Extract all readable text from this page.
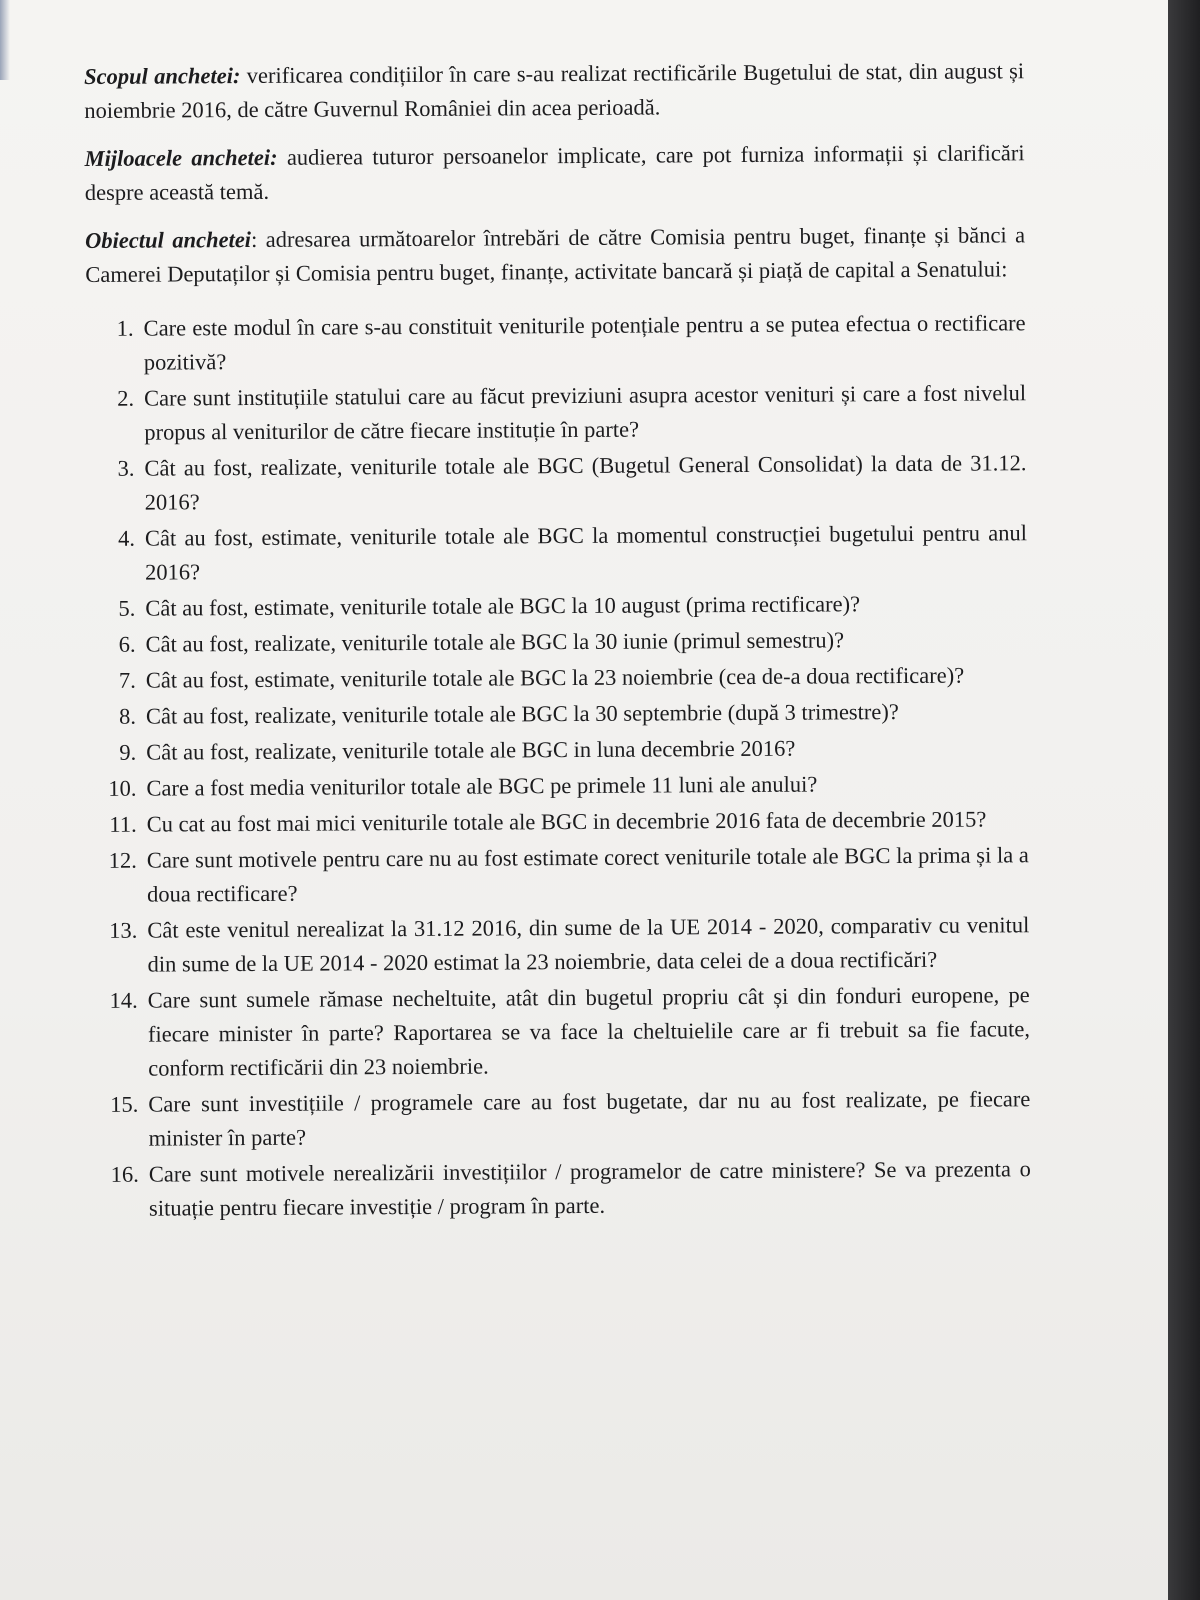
Scopul anchetei: verificarea condițiilor în care s-au realizat rectificările Bugetului de stat, din august și noiembrie 2016, de către Guvernul României din acea perioadă.

Mijloacele anchetei: audierea tuturor persoanelor implicate, care pot furniza informații și clarificări despre această temă.

Obiectul anchetei: adresarea următoarelor întrebări de către Comisia pentru buget, finanțe și bănci a Camerei Deputaților și Comisia pentru buget, finanțe, activitate bancară și piață de capital a Senatului:

1. Care este modul în care s-au constituit veniturile potențiale pentru a se putea efectua o rectificare pozitivă?
2. Care sunt instituțiile statului care au făcut previziuni asupra acestor venituri și care a fost nivelul propus al veniturilor de către fiecare instituție în parte?
3. Cât au fost, realizate, veniturile totale ale BGC (Bugetul General Consolidat) la data de 31.12. 2016?
4. Cât au fost, estimate, veniturile totale ale BGC la momentul construcției bugetului pentru anul 2016?
5. Cât au fost, estimate, veniturile totale ale BGC la 10 august (prima rectificare)?
6. Cât au fost, realizate, veniturile totale ale BGC la 30 iunie (primul semestru)?
7. Cât au fost, estimate, veniturile totale ale BGC la 23 noiembrie (cea de-a doua rectificare)?
8. Cât au fost, realizate, veniturile totale ale BGC la 30 septembrie (după 3 trimestre)?
9. Cât au fost, realizate, veniturile totale ale BGC in luna decembrie 2016?
10. Care a fost media veniturilor totale ale BGC pe primele 11 luni ale anului?
11. Cu cat au fost mai mici veniturile totale ale BGC in decembrie 2016 fata de decembrie 2015?
12. Care sunt motivele pentru care nu au fost estimate corect veniturile totale ale BGC la prima și la a doua rectificare?
13. Cât este venitul nerealizat la 31.12 2016, din sume de la UE 2014 - 2020, comparativ cu venitul din sume de la UE 2014 - 2020 estimat la 23 noiembrie, data celei de a doua rectificări?
14. Care sunt sumele rămase necheltuite, atât din bugetul propriu cât și din fonduri europene, pe fiecare minister în parte? Raportarea se va face la cheltuielile care ar fi trebuit sa fie facute, conform rectificării din 23 noiembrie.
15. Care sunt investițiile / programele care au fost bugetate, dar nu au fost realizate, pe fiecare minister în parte?
16. Care sunt motivele nerealizării investițiilor / programelor de catre ministere? Se va prezenta o situație pentru fiecare investiție / program în parte.
